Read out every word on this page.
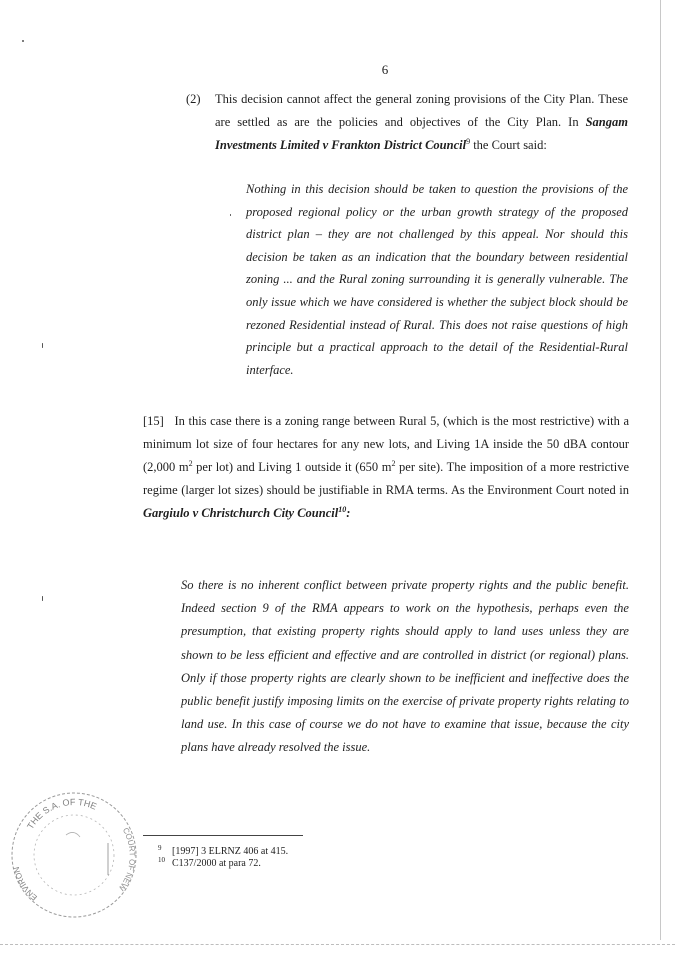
6
(2) This decision cannot affect the general zoning provisions of the City Plan. These are settled as are the policies and objectives of the City Plan. In Sangam Investments Limited v Frankton District Council$^9$ the Court said:
Nothing in this decision should be taken to question the provisions of the proposed regional policy or the urban growth strategy of the proposed district plan – they are not challenged by this appeal. Nor should this decision be taken as an indication that the boundary between residential zoning ... and the Rural zoning surrounding it is generally vulnerable. The only issue which we have considered is whether the subject block should be rezoned Residential instead of Rural. This does not raise questions of high principle but a practical approach to the detail of the Residential-Rural interface.
[15] In this case there is a zoning range between Rural 5, (which is the most restrictive) with a minimum lot size of four hectares for any new lots, and Living 1A inside the 50 dBA contour (2,000 m$^2$ per lot) and Living 1 outside it (650 m$^2$ per site). The imposition of a more restrictive regime (larger lot sizes) should be justifiable in RMA terms. As the Environment Court noted in Gargiulo v Christchurch City Council$^{10}$:
So there is no inherent conflict between private property rights and the public benefit. Indeed section 9 of the RMA appears to work on the hypothesis, perhaps even the presumption, that existing property rights should apply to land uses unless they are shown to be less efficient and effective and are controlled in district (or regional) plans. Only if those property rights are clearly shown to be inefficient and ineffective does the public benefit justify imposing limits on the exercise of private property rights relating to land use. In this case of course we do not have to examine that issue, because the city plans have already resolved the issue.
9 [1997] 3 ELRNZ 406 at 415.
10 C137/2000 at para 72.
THE S.A. OF THE
ENVIRON
COURT OF NEW
